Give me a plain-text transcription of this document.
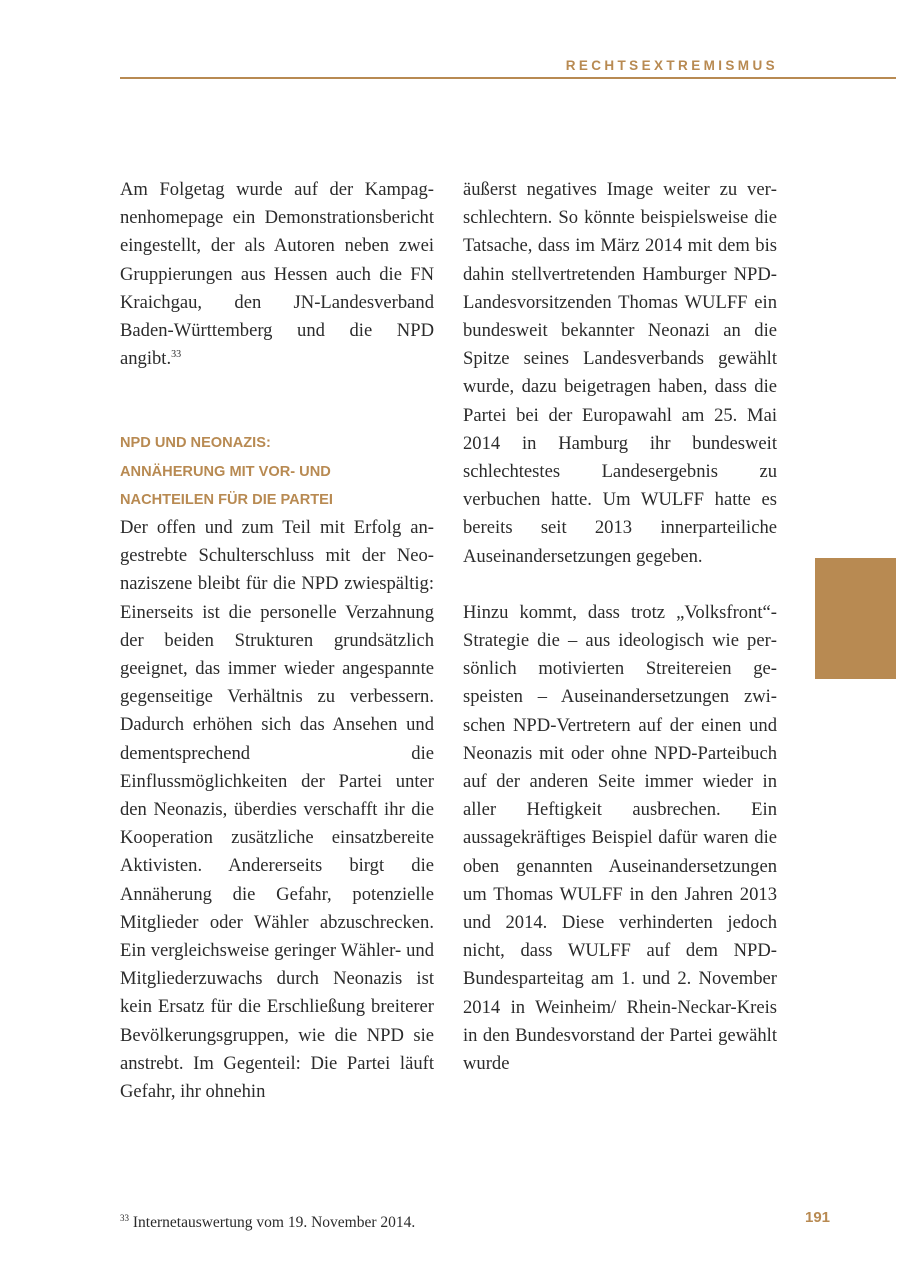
RECHTSEXTREMISMUS

Am Folgetag wurde auf der Kampagnenhomepage ein Demonstrationsbericht eingestellt, der als Autoren neben zwei Gruppierungen aus Hessen auch die FN Kraichgau, den JN-Landesverband Baden-Württemberg und die NPD angibt.$^{33}$

NPD UND NEONAZIS:
ANNÄHERUNG MIT VOR- UND
NACHTEILEN FÜR DIE PARTEI

Der offen und zum Teil mit Erfolg angestrebte Schulterschluss mit der Neonaziszene bleibt für die NPD zwiespältig: Einerseits ist die personelle Verzahnung der beiden Strukturen grundsätzlich geeignet, das immer wieder angespannte gegenseitige Verhältnis zu verbessern. Dadurch erhöhen sich das Ansehen und dementsprechend die Einflussmöglichkeiten der Partei unter den Neonazis, überdies verschafft ihr die Kooperation zusätzliche einsatzbereite Aktivisten. Andererseits birgt die Annäherung die Gefahr, potenzielle Mitglieder oder Wähler abzuschrecken. Ein vergleichsweise geringer Wähler- und Mitgliederzuwachs durch Neonazis ist kein Ersatz für die Erschließung breiterer Bevölkerungsgruppen, wie die NPD sie anstrebt. Im Gegenteil: Die Partei läuft Gefahr, ihr ohnehin

äußerst negatives Image weiter zu verschlechtern. So könnte beispielsweise die Tatsache, dass im März 2014 mit dem bis dahin stellvertretenden Hamburger NPD-Landesvorsitzenden Thomas WULFF ein bundesweit bekannter Neonazi an die Spitze seines Landesverbands gewählt wurde, dazu beigetragen haben, dass die Partei bei der Europawahl am 25. Mai 2014 in Hamburg ihr bundesweit schlechtestes Landesergebnis zu verbuchen hatte. Um WULFF hatte es bereits seit 2013 innerparteiliche Auseinandersetzungen gegeben.

Hinzu kommt, dass trotz „Volksfront“-Strategie die – aus ideologisch wie persönlich motivierten Streitereien gespeisten – Auseinandersetzungen zwischen NPD-Vertretern auf der einen und Neonazis mit oder ohne NPD-Parteibuch auf der anderen Seite immer wieder in aller Heftigkeit ausbrechen. Ein aussagekräftiges Beispiel dafür waren die oben genannten Auseinandersetzungen um Thomas WULFF in den Jahren 2013 und 2014. Diese verhinderten jedoch nicht, dass WULFF auf dem NPD-Bundesparteitag am 1. und 2. November 2014 in Weinheim/ Rhein-Neckar-Kreis in den Bundesvorstand der Partei gewählt wurde

$^{33}$ Internetauswertung vom 19. November 2014.	191
